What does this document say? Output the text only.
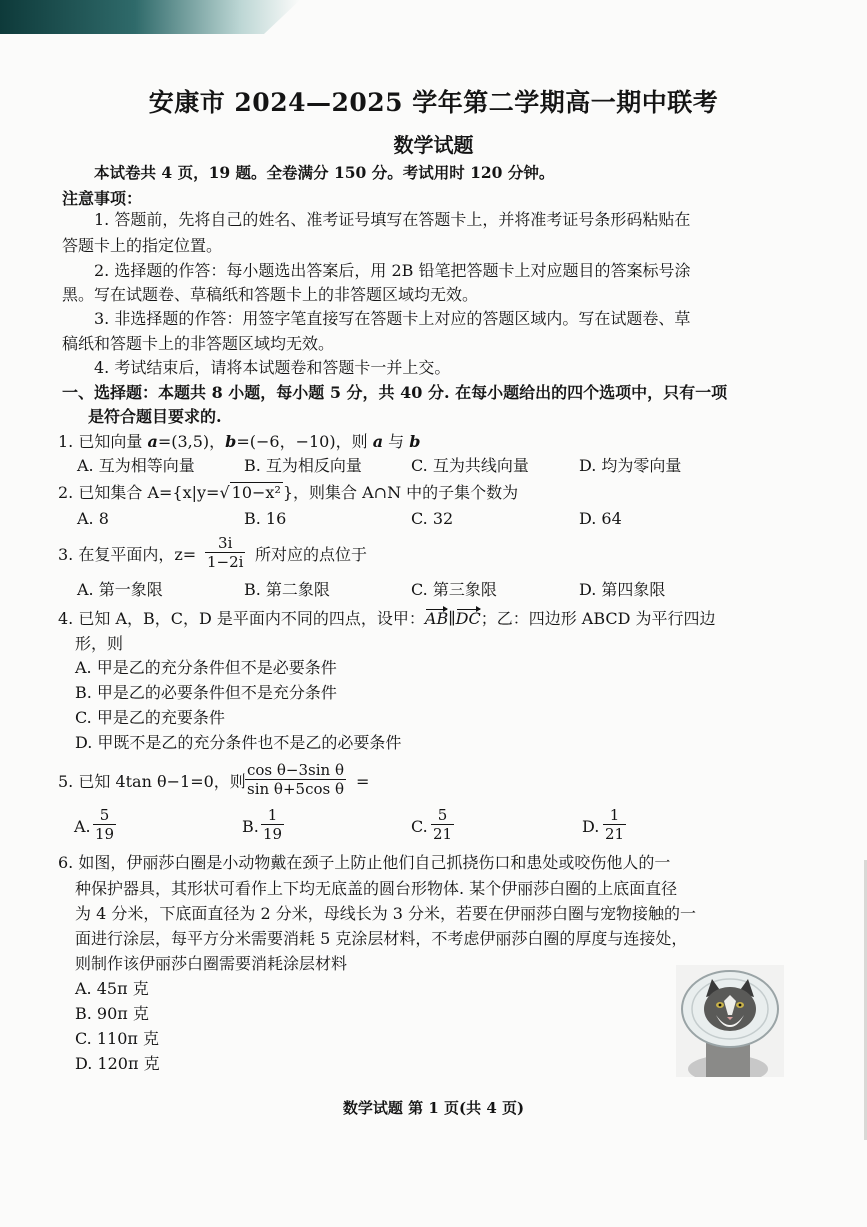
安康市 2024—2025 学年第二学期高一期中联考
数学试题
本试卷共 4 页，19 题。全卷满分 150 分。考试用时 120 分钟。
注意事项：
1. 答题前，先将自己的姓名、准考证号填写在答题卡上，并将准考证号条形码粘贴在
答题卡上的指定位置。
2. 选择题的作答：每小题选出答案后，用 2B 铅笔把答题卡上对应题目的答案标号涂
黑。写在试题卷、草稿纸和答题卡上的非答题区域均无效。
3. 非选择题的作答：用签字笔直接写在答题卡上对应的答题区域内。写在试题卷、草
稿纸和答题卡上的非答题区域均无效。
4. 考试结束后，请将本试题卷和答题卡一并上交。
一、选择题：本题共 8 小题，每小题 5 分，共 40 分. 在每小题给出的四个选项中，只有一项
是符合题目要求的.
1. 已知向量 a=(3,5)，b=(−6，−10)，则 a 与 b
A. 互为相等向量	B. 互为相反向量	C. 互为共线向量	D. 均为零向量
2. 已知集合 A={x|y=√ 10−x² }，则集合 A∩N 中的子集个数为
A. 8	B. 16	C. 32	D. 64
3. 在复平面内，$z= \frac{3i}{1-2i}$ 所对应的点位于
A. 第一象限	B. 第二象限	C. 第三象限	D. 第四象限
4. 已知 A，B，C，D 是平面内不同的四点，设甲：AB∥DC；乙：四边形 ABCD 为平行四边
形，则
A. 甲是乙的充分条件但不是必要条件
B. 甲是乙的必要条件但不是充分条件
C. 甲是乙的充要条件
D. 甲既不是乙的充分条件也不是乙的必要条件
5. 已知 4tan θ−1=0，则 $\frac{\text{cos θ−3sin θ}}{\text{sin θ+5cos θ}}$ =
A. $\frac{5}{19}$	B. $\frac{1}{19}$	C. $\frac{5}{21}$	D. $\frac{1}{21}$
6. 如图，伊丽莎白圈是小动物戴在颈子上防止他们自己抓挠伤口和患处或咬伤他人的一
种保护器具，其形状可看作上下均无底盖的圆台形物体. 某个伊丽莎白圈的上底面直径
为 4 分米，下底面直径为 2 分米，母线长为 3 分米，若要在伊丽莎白圈与宠物接触的一
面进行涂层，每平方分米需要消耗 5 克涂层材料，不考虑伊丽莎白圈的厚度与连接处，
则制作该伊丽莎白圈需要消耗涂层材料
A. 45π 克
B. 90π 克
C. 110π 克
D. 120π 克
数学试题 第 1 页(共 4 页)
